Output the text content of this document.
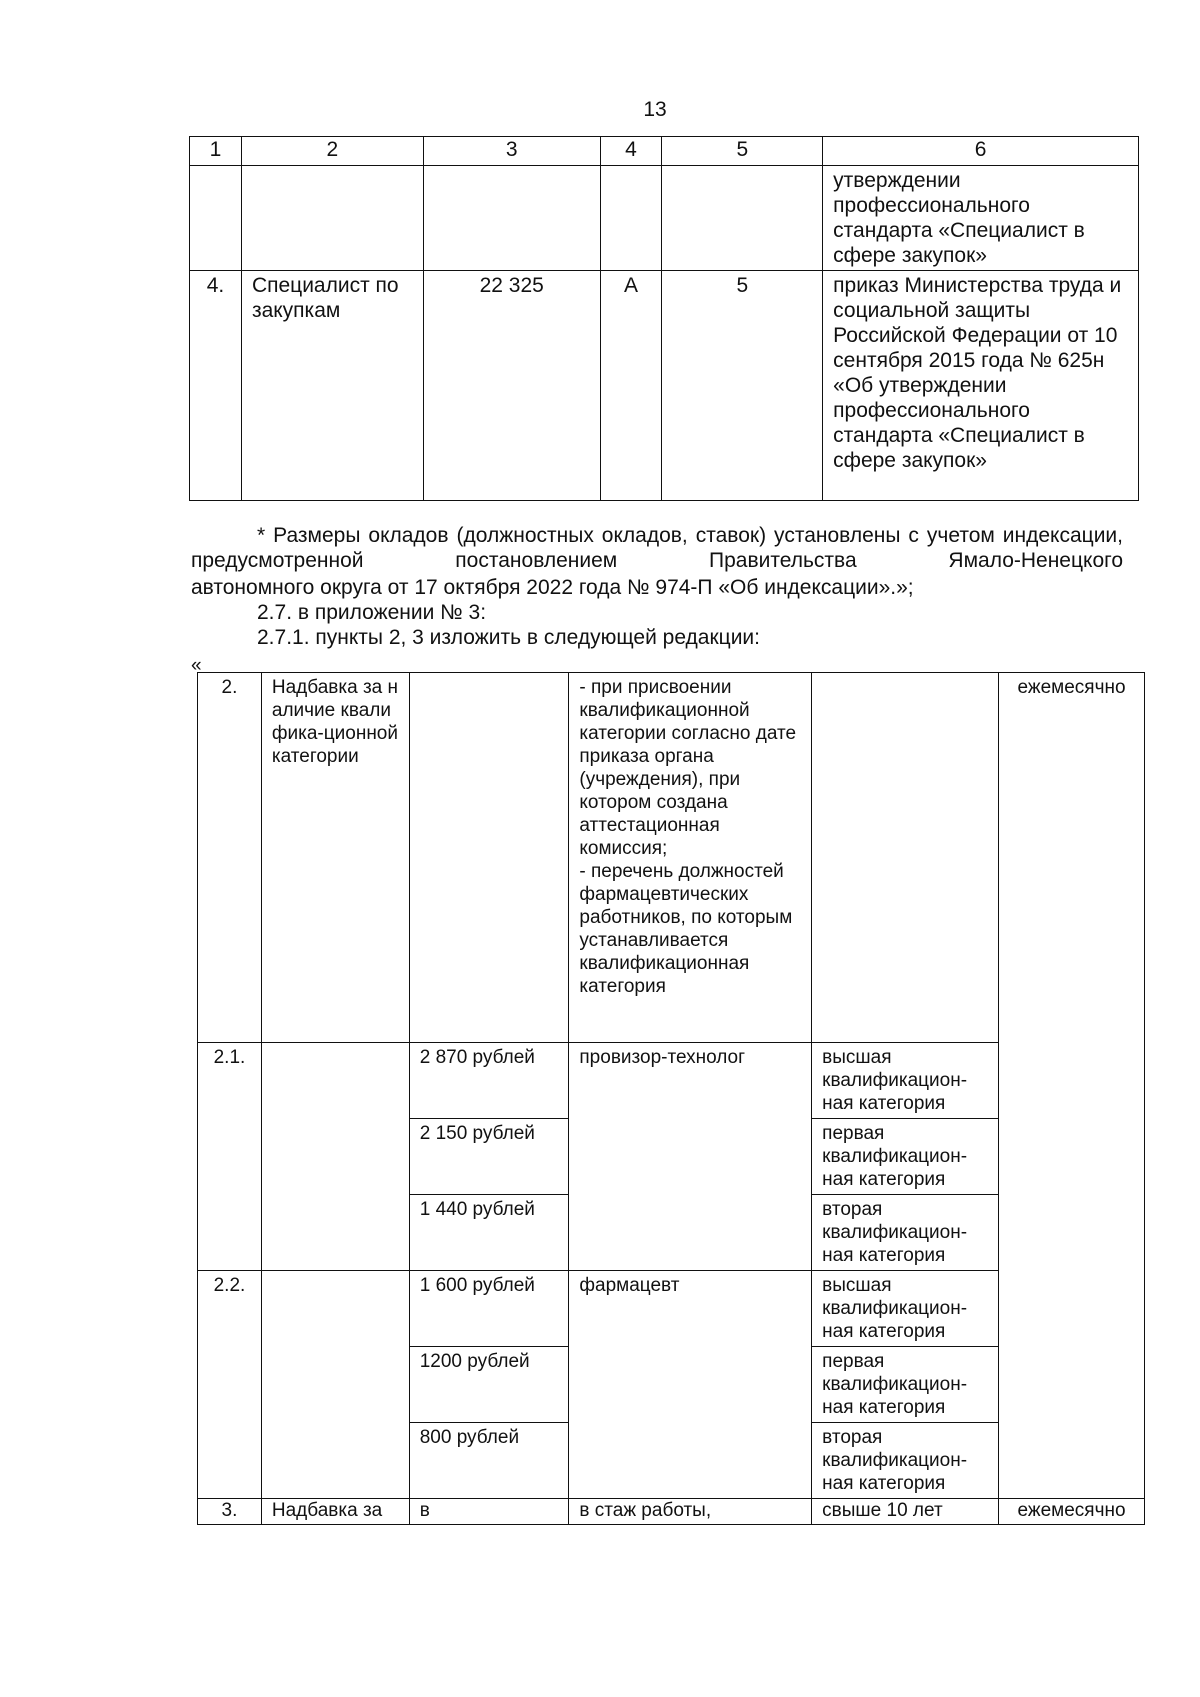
13
1	2	3	4	5	6
					утверждении профессионального стандарта «Специалист в сфере закупок»
4.	Специалист по закупкам	22 325	А	5	приказ Министерства труда и социальной защиты Российской Федерации от 10 сентября 2015 года № 625н «Об утверждении профессионального стандарта «Специалист в сфере закупок»
* Размеры окладов (должностных окладов, ставок) установлены с учетом индексации, предусмотренной постановлением Правительства Ямало-Ненецкого
автономного округа от 17 октября 2022 года № 974-П «Об индексации».»;
2.7. в приложении № 3:
2.7.1. пункты 2, 3 изложить в следующей редакции:
«
2.	Надбавка за наличие квалифика-ционной категории		- при присвоении квалификационной категории согласно дате приказа органа (учреждения), при котором создана аттестационная комиссия;
- перечень должностей фармацевтических работников, по которым устанавливается квалификационная категория		ежемесячно
2.1.		2 870 рублей	провизор-технолог	высшая квалификацион-ная категория	
		2 150 рублей		первая квалификацион-ная категория	
		1 440 рублей		вторая квалификацион-ная категория	
2.2.		1 600 рублей	фармацевт	высшая квалификацион-ная категория	
		1200 рублей		первая квалификацион-ная категория	
		800 рублей		вторая квалификацион-ная категория	
3.	Надбавка за	в	в стаж работы,	свыше 10 лет	ежемесячно
